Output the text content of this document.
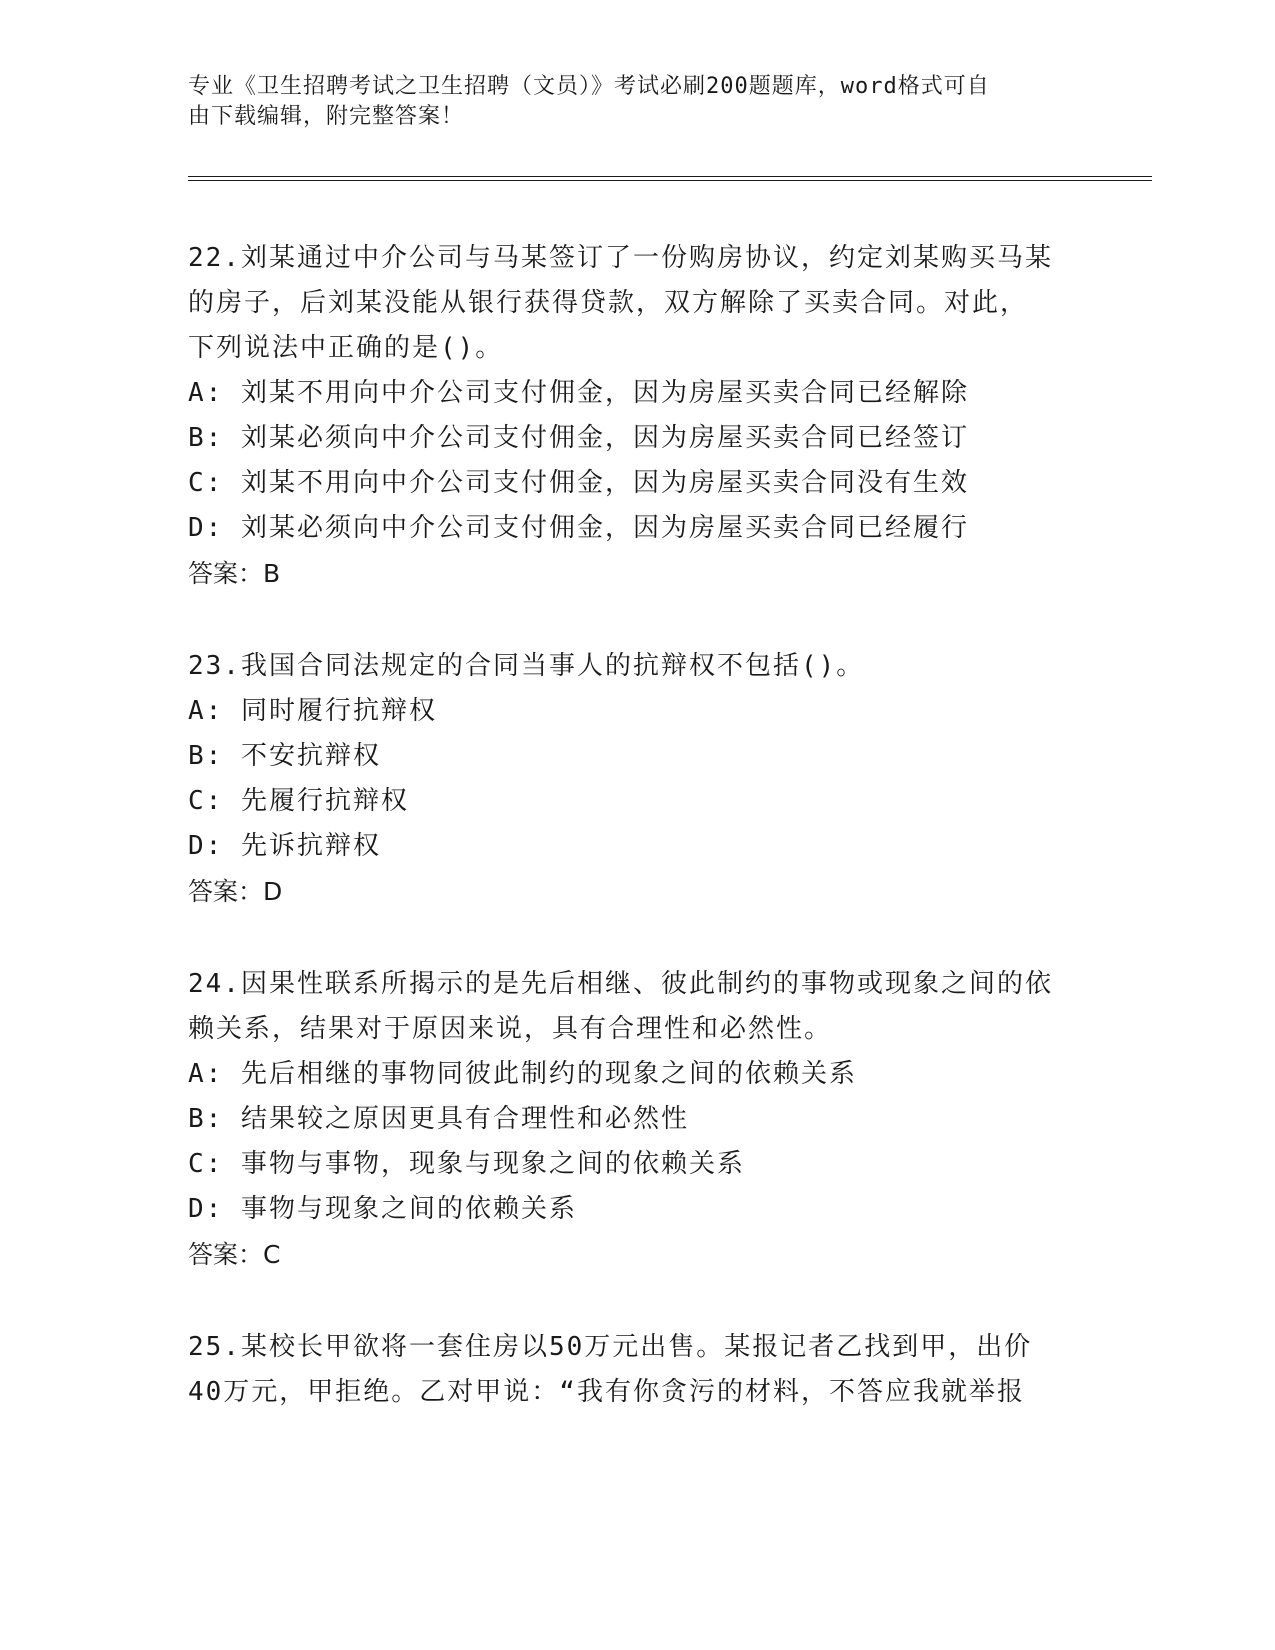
专业《卫生招聘考试之卫生招聘（文员）》考试必刷200题题库，word格式可自
由下载编辑，附完整答案！
22.刘某通过中介公司与马某签订了一份购房协议，约定刘某购买马某
的房子，后刘某没能从银行获得贷款，双方解除了买卖合同。对此，
下列说法中正确的是()。
A: 刘某不用向中介公司支付佣金，因为房屋买卖合同已经解除
B: 刘某必须向中介公司支付佣金，因为房屋买卖合同已经签订
C: 刘某不用向中介公司支付佣金，因为房屋买卖合同没有生效
D: 刘某必须向中介公司支付佣金，因为房屋买卖合同已经履行
答案：B
23.我国合同法规定的合同当事人的抗辩权不包括()。
A: 同时履行抗辩权
B: 不安抗辩权
C: 先履行抗辩权
D: 先诉抗辩权
答案：D
24.因果性联系所揭示的是先后相继、彼此制约的事物或现象之间的依
赖关系，结果对于原因来说，具有合理性和必然性。
A: 先后相继的事物同彼此制约的现象之间的依赖关系
B: 结果较之原因更具有合理性和必然性
C: 事物与事物，现象与现象之间的依赖关系
D: 事物与现象之间的依赖关系
答案：C
25.某校长甲欲将一套住房以50万元出售。某报记者乙找到甲，出价
40万元，甲拒绝。乙对甲说：“我有你贪污的材料，不答应我就举报
